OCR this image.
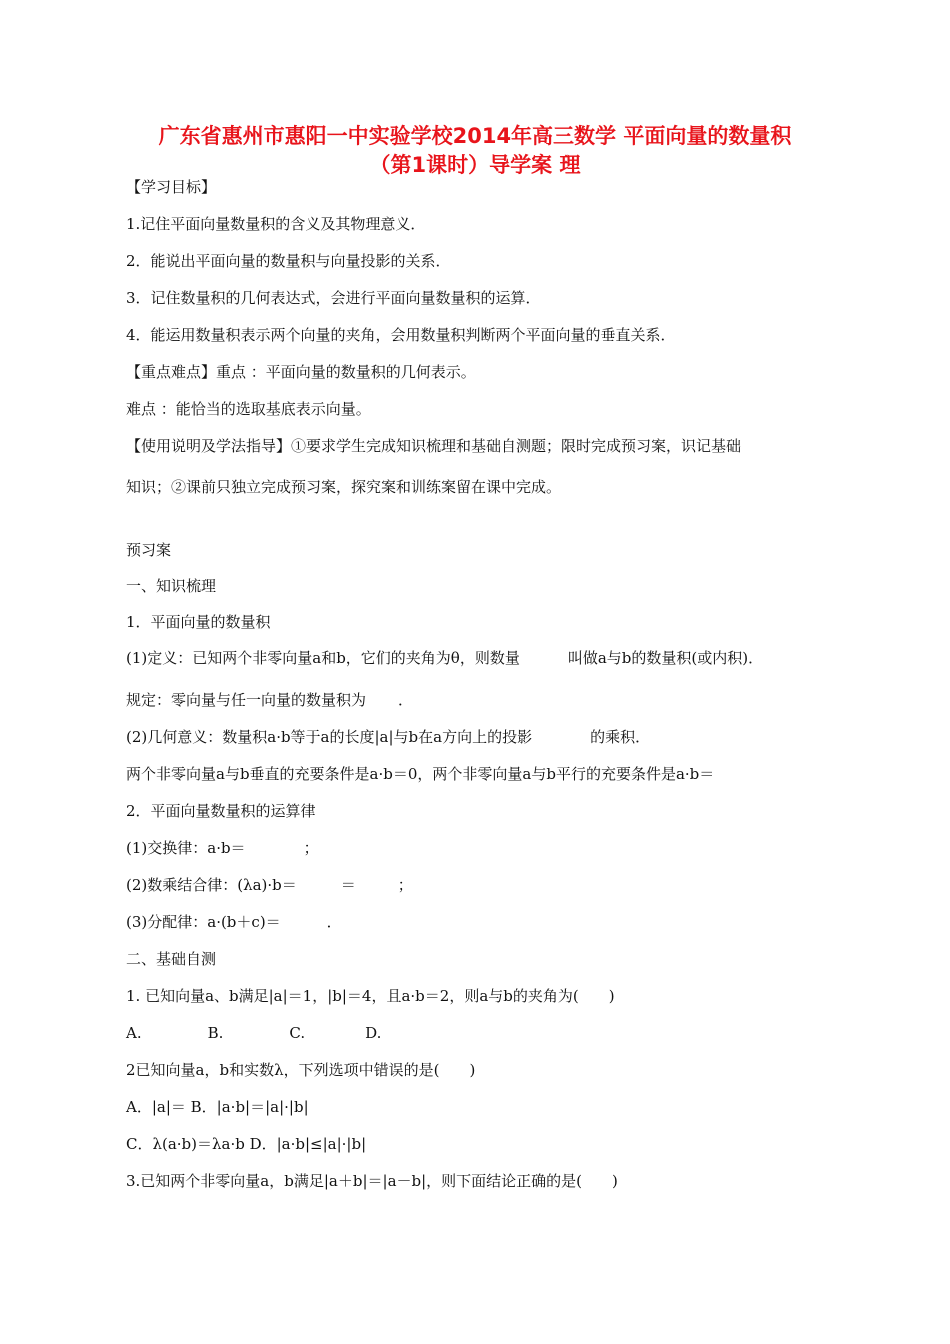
广东省惠州市惠阳一中实验学校2014年高三数学 平面向量的数量积
（第1课时）导学案 理
【学习目标】
1.记住平面向量数量积的含义及其物理意义．
2．能说出平面向量的数量积与向量投影的关系．
3．记住数量积的几何表达式，会进行平面向量数量积的运算．
4．能运用数量积表示两个向量的夹角，会用数量积判断两个平面向量的垂直关系．
【重点难点】重点 ：平面向量的数量积的几何表示。
难点 ：能恰当的选取基底表示向量。
【使用说明及学法指导】①要求学生完成知识梳理和基础自测题；限时完成预习案，识记基础
知识；②课前只独立完成预习案，探究案和训练案留在课中完成。
预习案
一、知识梳理
1．平面向量的数量积
(1)定义：已知两个非零向量a和b，它们的夹角为θ，则数量	叫做a与b的数量积(或内积)．
规定：零向量与任一向量的数量积为 ．
(2)几何意义：数量积a·b等于a的长度|a|与b在a方向上的投影	的乘积．
两个非零向量a与b垂直的充要条件是a·b＝0，两个非零向量a与b平行的充要条件是a·b＝
2．平面向量数量积的运算律
(1)交换律：a·b＝	；
(2)数乘结合律：(λa)·b＝	＝	；
(3)分配律：a·(b＋c)＝	．
二、基础自测
1. 已知向量a、b满足|a|＝1，|b|＝4，且a·b＝2，则a与b的夹角为(　　)
A.	B.	C.	D.
2已知向量a，b和实数λ，下列选项中错误的是(　　)
A．|a|＝ B．|a·b|＝|a|·|b|
C．λ(a·b)＝λa·b D．|a·b|≤|a|·|b|
3.已知两个非零向量a，b满足|a＋b|＝|a－b|，则下面结论正确的是(　　)
